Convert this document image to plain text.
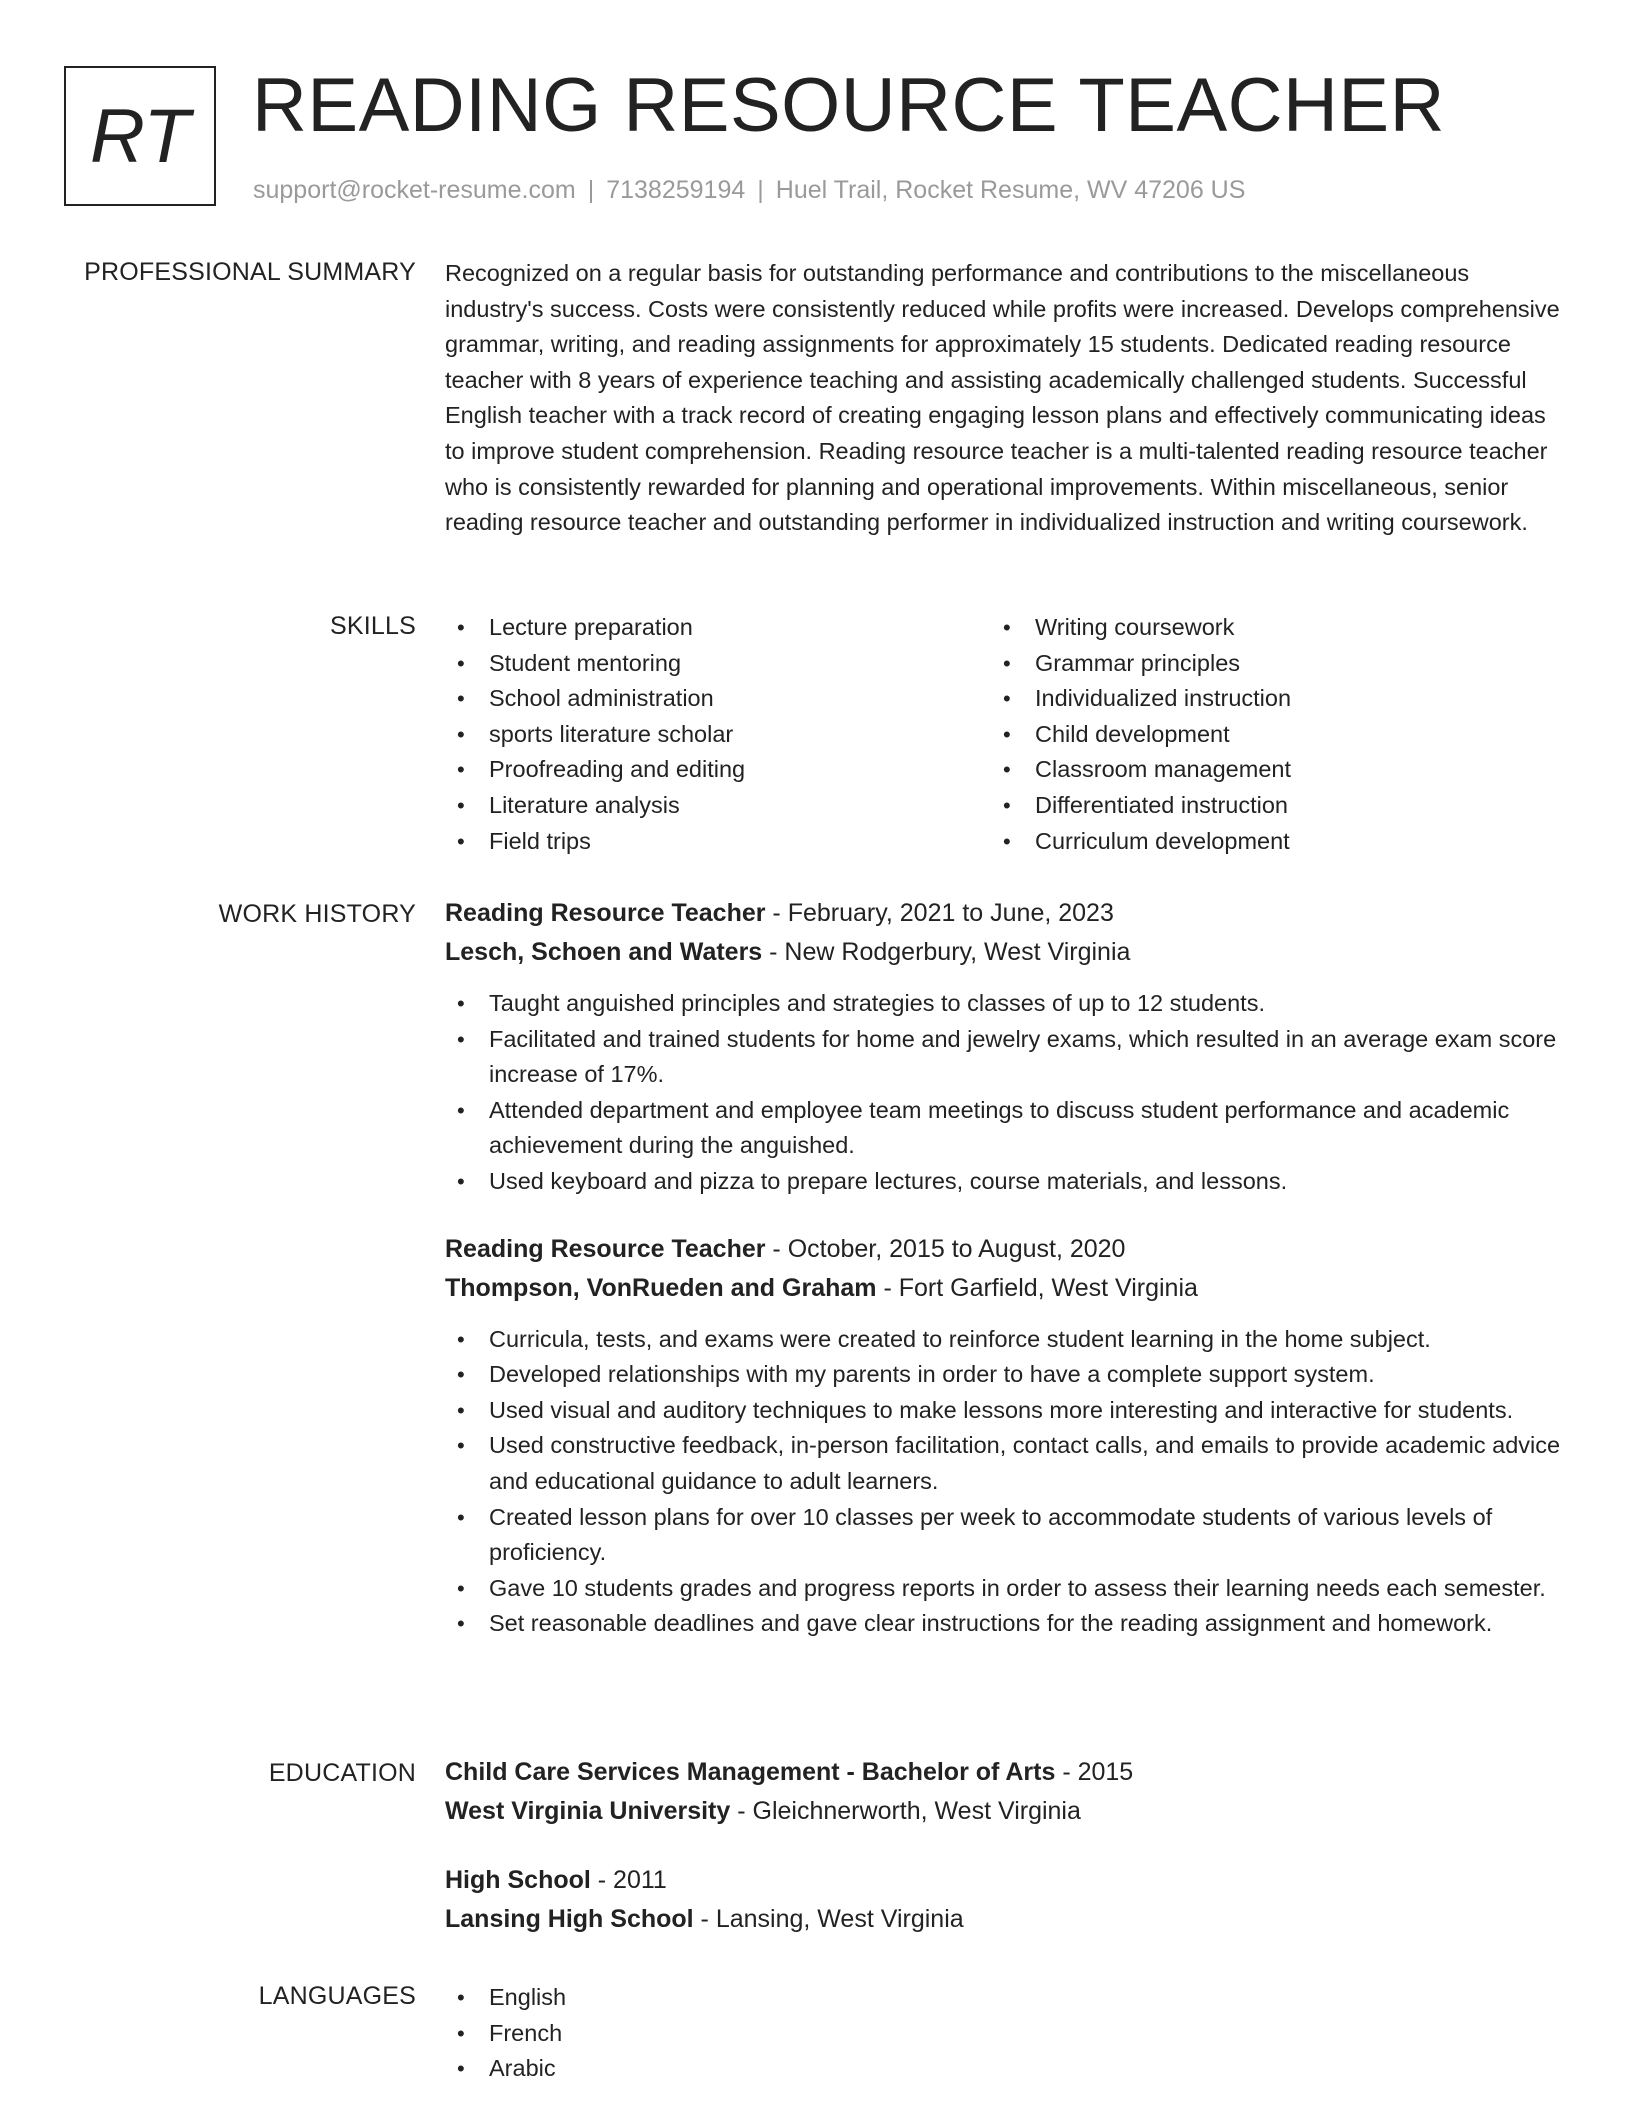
RT READING RESOURCE TEACHER
support@rocket-resume.com | 7138259194 | Huel Trail, Rocket Resume, WV 47206 US
PROFESSIONAL SUMMARY Recognized on a regular basis for outstanding performance and contributions to the miscellaneous industry's success. Costs were consistently reduced while profits were increased. Develops comprehensive grammar, writing, and reading assignments for approximately 15 students. Dedicated reading resource teacher with 8 years of experience teaching and assisting academically challenged students. Successful English teacher with a track record of creating engaging lesson plans and effectively communicating ideas to improve student comprehension. Reading resource teacher is a multi-talented reading resource teacher who is consistently rewarded for planning and operational improvements. Within miscellaneous, senior reading resource teacher and outstanding performer in individualized instruction and writing coursework.

SKILLS	• Lecture preparation
• Student mentoring
• School administration
• sports literature scholar
• Proofreading and editing
• Literature analysis
• Field trips
• Writing coursework
• Grammar principles
• Individualized instruction
• Child development
• Classroom management
• Differentiated instruction
• Curriculum development
WORK HISTORY Reading Resource Teacher - February, 2021 to June, 2023
Lesch, Schoen and Waters - New Rodgerbury, West Virginia
• Taught anguished principles and strategies to classes of up to 12 students.
• Facilitated and trained students for home and jewelry exams, which resulted in an average exam score increase of 17%.
• Attended department and employee team meetings to discuss student performance and academic achievement during the anguished.
• Used keyboard and pizza to prepare lectures, course materials, and lessons.
Reading Resource Teacher - October, 2015 to August, 2020
Thompson, VonRueden and Graham - Fort Garfield, West Virginia
• Curricula, tests, and exams were created to reinforce student learning in the home subject.
• Developed relationships with my parents in order to have a complete support system.
• Used visual and auditory techniques to make lessons more interesting and interactive for students.
• Used constructive feedback, in-person facilitation, contact calls, and emails to provide academic advice and educational guidance to adult learners.
• Created lesson plans for over 10 classes per week to accommodate students of various levels of proficiency.
• Gave 10 students grades and progress reports in order to assess their learning needs each semester.
• Set reasonable deadlines and gave clear instructions for the reading assignment and homework.
EDUCATION Child Care Services Management - Bachelor of Arts - 2015
West Virginia University - Gleichnerworth, West Virginia
High School - 2011
Lansing High School - Lansing, West Virginia
LANGUAGES	• English
• French
• Arabic
